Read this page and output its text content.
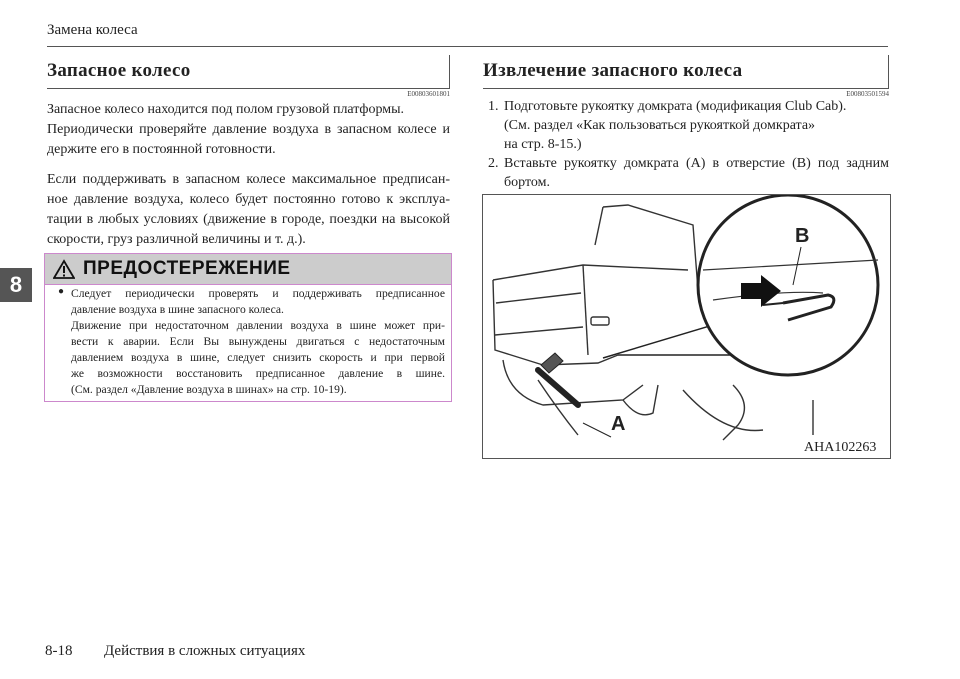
Замена колеса
8
Запасное колесо
E00803601801
Запасное колесо находится под полом грузовой платформы.
Периодически проверяйте давление воздуха в запасном колесе и
держите его в постоянной готовности.
Если поддерживать в запасном колесе максимальное предписан-
ное давление воздуха, колесо будет постоянно готово к эксплуа-
тации в любых условиях (движение в городе, поездки на высокой
скорости, груз различной величины и т. д.).
ПРЕДОСТЕРЕЖЕНИЕ
● Следует периодически проверять и поддерживать предписанное
давление воздуха в шине запасного колеса.
Движение при недостаточном давлении воздуха в шине может при-
вести к аварии. Если Вы вынуждены двигаться с недостаточным
давлением воздуха в шине, следует снизить скорость и при первой
же возможности восстановить предписанное давление в шине.
(См. раздел «Давление воздуха в шинах» на стр. 10-19).
Извлечение запасного колеса
E00803501594
1. Подготовьте рукоятку домкрата (модификация Club Cab).
(См. раздел «Как пользоваться рукояткой домкрата»
на стр. 8-15.)
2. Вставьте рукоятку домкрата (A) в отверстие (B) под задним
бортом.
B
A
AHA102263
8-18 Действия в сложных ситуациях
